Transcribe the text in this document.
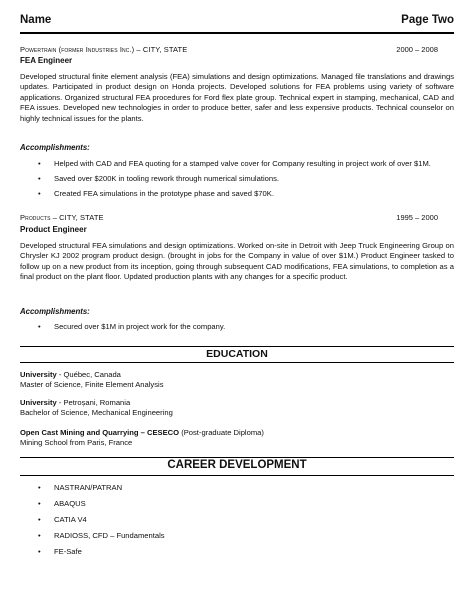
Name	Page Two
Powertrain (former Industries Inc.) – CITY, STATE	2000 – 2008
FEA Engineer
Developed structural finite element analysis (FEA) simulations and design optimizations. Managed file translations and drawings updates. Participated in product design on Honda projects. Developed solutions for FEA problems using variety of software applications. Organized structural FEA procedures for Ford flex plate group. Technical expert in stamping, mechanical, CAD and FEA issues. Developed new technologies in order to produce better, safer and less expensive products. Technical counselor on highly technical issues for the plants.
Accomplishments:
• Helped with CAD and FEA quoting for a stamped valve cover for Company resulting in project work of over $1M.
• Saved over $200K in tooling rework through numerical simulations.
• Created FEA simulations in the prototype phase and saved $70K.
Products – CITY, STATE	1995 – 2000
Product Engineer
Developed structural FEA simulations and design optimizations. Worked on-site in Detroit with Jeep Truck Engineering Group on Chrysler KJ 2002 program product design. (brought in jobs for the Company in value of over $1M.) Product Engineer tasked to follow up on a new product from its inception, going through subsequent CAD modifications, FEA simulations, to completion as a final product on the plant floor. Updated production plants with any changes for a specific product.
Accomplishments:
• Secured over $1M in project work for the company.
EDUCATION
University - Québec, Canada
Master of Science, Finite Element Analysis
University - Petroșani, Romania
Bachelor of Science, Mechanical Engineering
Open Cast Mining and Quarrying – CESECO (Post-graduate Diploma)
Mining School from Paris, France
CAREER DEVELOPMENT
• NASTRAN/PATRAN
• ABAQUS
• CATIA V4
• RADIOSS, CFD – Fundamentals
• FE-Safe
